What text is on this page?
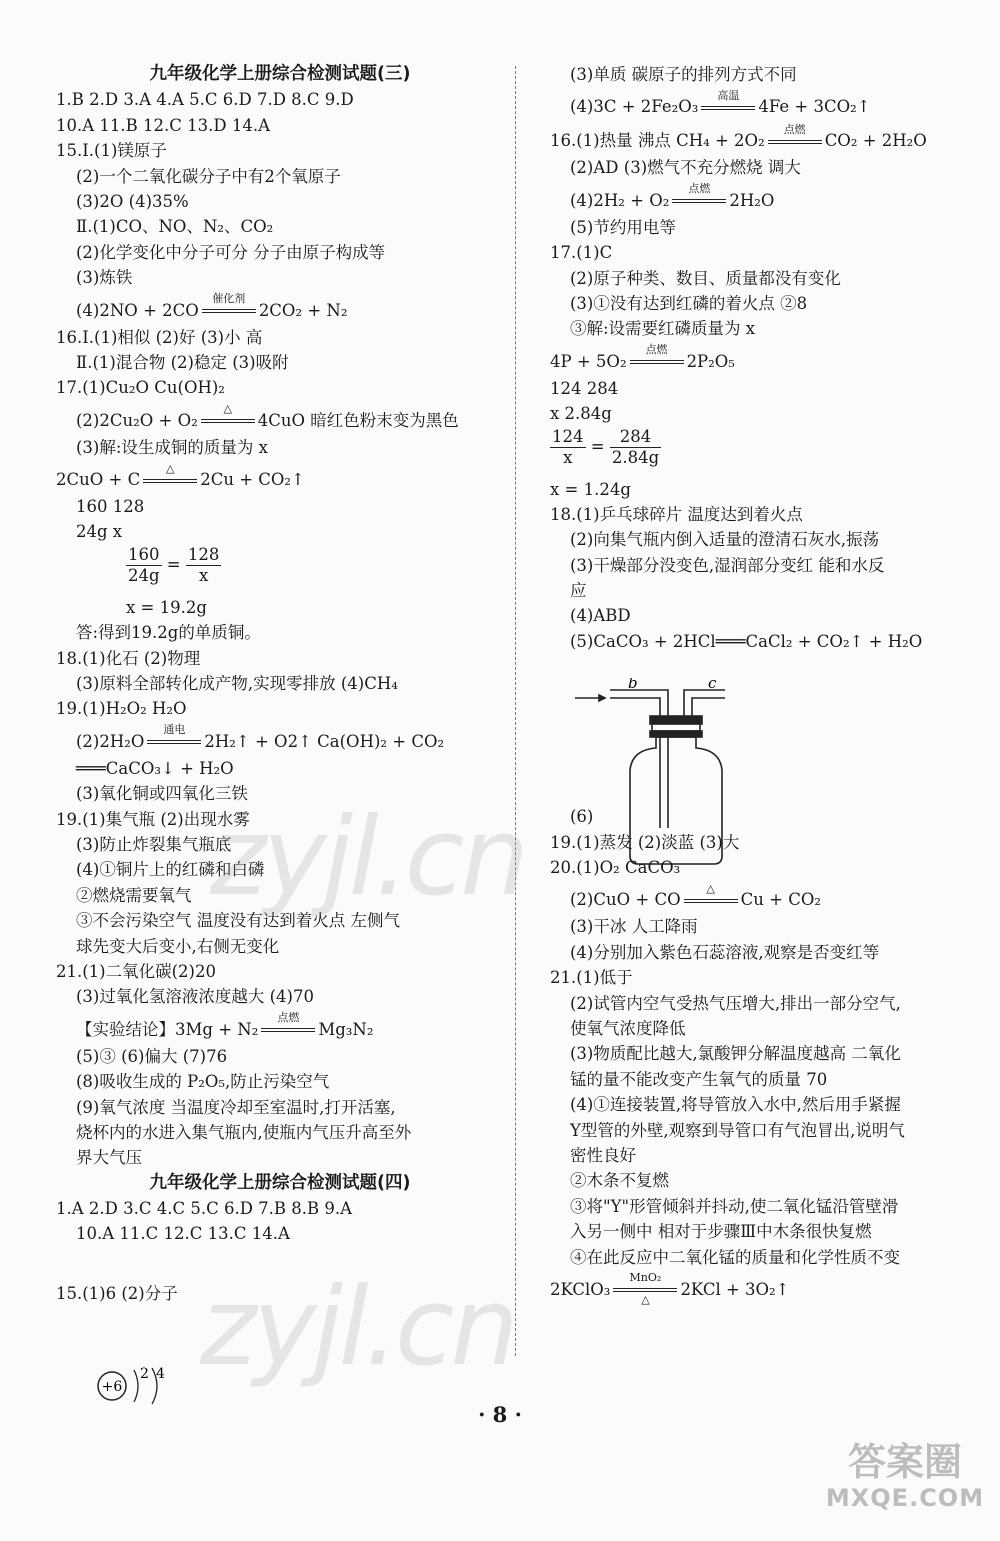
九年级化学上册综合检测试题(三)
1.B 2.D 3.A 4.A 5.C 6.D 7.D 8.C 9.D
10.A 11.B 12.C 13.D 14.A
15.Ⅰ.(1)镁原子
(2)一个二氧化碳分子中有2个氧原子
(3)2O (4)35%
Ⅱ.(1)CO、NO、N₂、CO₂
(2)化学变化中分子可分 分子由原子构成等
(3)炼铁
(4)2NO + 2CO
催化剂
2CO₂ + N₂
16.Ⅰ.(1)相似 (2)好 (3)小 高
Ⅱ.(1)混合物 (2)稳定 (3)吸附
17.(1)Cu₂O Cu(OH)₂
(2)2Cu₂O + O₂
△
4CuO 暗红色粉末变为黑色
(3)解:设生成铜的质量为 x
2CuO + C
△
2Cu + CO₂↑
160 128
24g x
$\frac{160}{24g} = \frac{128}{x}$
x = 19.2g
答:得到19.2g的单质铜。
18.(1)化石 (2)物理
(3)原料全部转化成产物,实现零排放 (4)CH₄
19.(1)H₂O₂ H₂O
(2)2H₂O
通电
2H₂↑ + O2↑ Ca(OH)₂ + CO₂
═══CaCO₃↓ + H₂O
(3)氧化铜或四氧化三铁
19.(1)集气瓶 (2)出现水雾
(3)防止炸裂集气瓶底
(4)①铜片上的红磷和白磷
②燃烧需要氧气
③不会污染空气 温度没有达到着火点 左侧气
球先变大后变小,右侧无变化
21.(1)二氧化碳(2)20
(3)过氧化氢溶液浓度越大 (4)70
【实验结论】3Mg + N₂
点燃
Mg₃N₂
(5)③ (6)偏大 (7)76
(8)吸收生成的 P₂O₅,防止污染空气
(9)氧气浓度 当温度冷却至室温时,打开活塞,
烧杯内的水进入集气瓶内,使瓶内气压升高至外
界大气压
九年级化学上册综合检测试题(四)
1.A 2.D 3.C 4.C 5.C 6.D 7.B 8.B 9.A
10.A 11.C 12.C 13.C 14.A
15.(1)6 (2)分子
(3)单质 碳原子的排列方式不同
(4)3C + 2Fe₂O₃
高温
4Fe + 3CO₂↑
16.(1)热量 沸点 CH₄ + 2O₂
点燃
CO₂ + 2H₂O
(2)AD (3)燃气不充分燃烧 调大
(4)2H₂ + O₂
点燃
2H₂O
(5)节约用电等
17.(1)C
(2)原子种类、数目、质量都没有变化
(3)①没有达到红磷的着火点 ②8
③解:设需要红磷质量为 x
4P + 5O₂
点燃
2P₂O₅
124 284
x 2.84g
$\frac{124}{x} = \frac{284}{2.84g}$
x = 1.24g
18.(1)乒乓球碎片 温度达到着火点
(2)向集气瓶内倒入适量的澄清石灰水,振荡
(3)干燥部分没变色,湿润部分变红 能和水反
应
(4)ABD
(5)CaCO₃ + 2HCl═══CaCl₂ + CO₂↑ + H₂O
(6)
19.(1)蒸发 (2)淡蓝 (3)大
20.(1)O₂ CaCO₃
(2)CuO + CO
△
Cu + CO₂
(3)干冰 人工降雨
(4)分别加入紫色石蕊溶液,观察是否变红等
21.(1)低于
(2)试管内空气受热气压增大,排出一部分空气,
使氧气浓度降低
(3)物质配比越大,氯酸钾分解温度越高 二氧化
锰的量不能改变产生氧气的质量 70
(4)①连接装置,将导管放入水中,然后用手紧握
Y型管的外壁,观察到导管口有气泡冒出,说明气
密性良好
②木条不复燃
③将"Y"形管倾斜并抖动,使二氧化锰沿管壁滑
入另一侧中 相对于步骤Ⅲ中木条很快复燃
④在此反应中二氧化锰的质量和化学性质不变
2KClO₃
MnO₂
△
2KCl + 3O₂↑
b	c
+6
2 4
zyjl.cn
zyjl.cn
· 8 ·
答案圈
MXQE.COM
